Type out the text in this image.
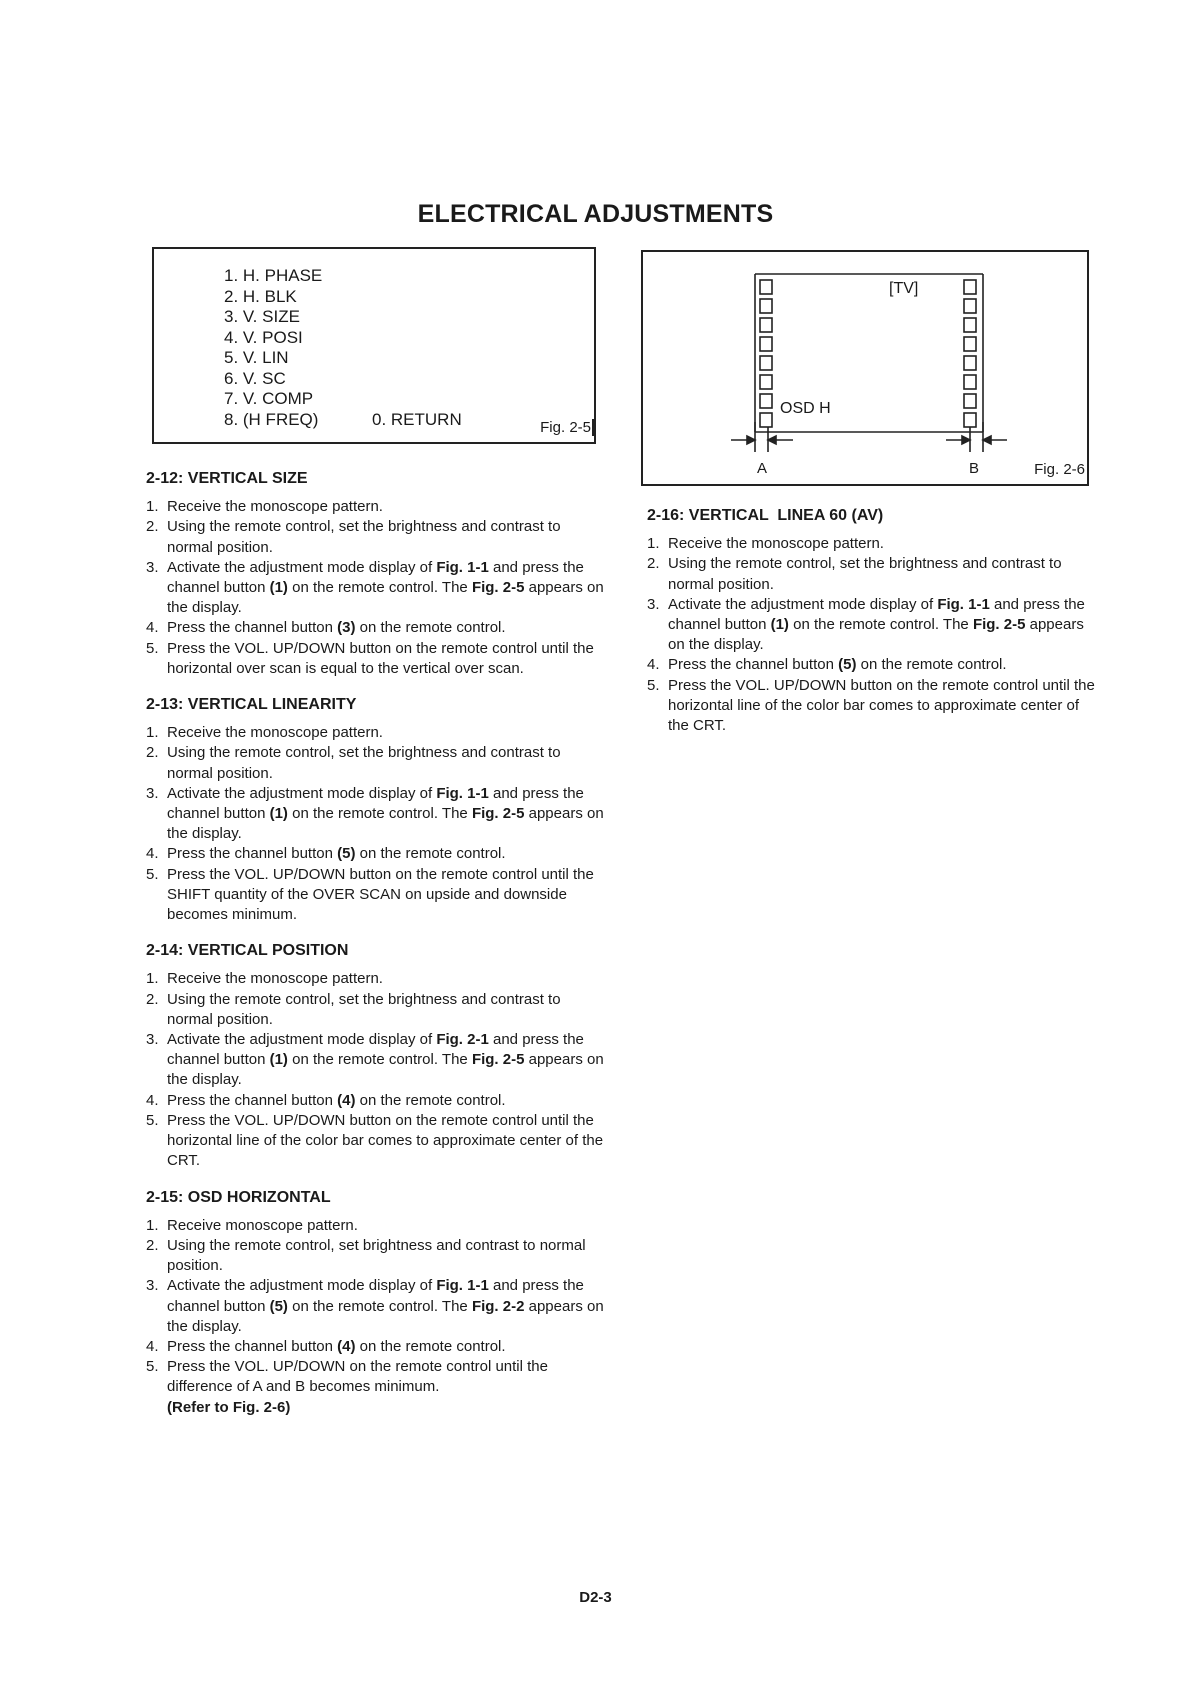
ELECTRICAL ADJUSTMENTS
1. H. PHASE
2. H. BLK
3. V. SIZE
4. V. POSI
5. V. LIN
6. V. SC
7. V. COMP
8. (H FREQ)	0. RETURN	Fig. 2-5
[TV]
OSD H
A	B	Fig. 2-6
2-12: VERTICAL SIZE
1. Receive the monoscope pattern.
2. Using the remote control, set the brightness and contrast to normal position.
3. Activate the adjustment mode display of Fig. 1-1 and press the channel button (1) on the remote control. The Fig. 2-5 appears on the display.
4. Press the channel button (3) on the remote control.
5. Press the VOL. UP/DOWN button on the remote control until the horizontal over scan is equal to the vertical over scan.
2-13: VERTICAL LINEARITY
1. Receive the monoscope pattern.
2. Using the remote control, set the brightness and contrast to normal position.
3. Activate the adjustment mode display of Fig. 1-1 and press the channel button (1) on the remote control. The Fig. 2-5 appears on the display.
4. Press the channel button (5) on the remote control.
5. Press the VOL. UP/DOWN button on the remote control until the SHIFT quantity of the OVER SCAN on upside and downside becomes minimum.
2-14: VERTICAL POSITION
1. Receive the monoscope pattern.
2. Using the remote control, set the brightness and contrast to normal position.
3. Activate the adjustment mode display of Fig. 2-1 and press the channel button (1) on the remote control. The Fig. 2-5 appears on the display.
4. Press the channel button (4) on the remote control.
5. Press the VOL. UP/DOWN button on the remote control until the horizontal line of the color bar comes to approximate center of the CRT.
2-15: OSD HORIZONTAL
1. Receive monoscope pattern.
2. Using the remote control, set brightness and contrast to normal position.
3. Activate the adjustment mode display of Fig. 1-1 and press the channel button (5) on the remote control. The Fig. 2-2 appears on the display.
4. Press the channel button (4) on the remote control.
5. Press the VOL. UP/DOWN on the remote control until the difference of A and B becomes minimum.
(Refer to Fig. 2-6)
2-16: VERTICAL  LINEA 60 (AV)
1. Receive the monoscope pattern.
2. Using the remote control, set the brightness and contrast to normal position.
3. Activate the adjustment mode display of Fig. 1-1 and press the channel button (1) on the remote control. The Fig. 2-5 appears on the display.
4. Press the channel button (5) on the remote control.
5. Press the VOL. UP/DOWN button on the remote control until the horizontal line of the color bar comes to approximate center of the CRT.
D2-3
